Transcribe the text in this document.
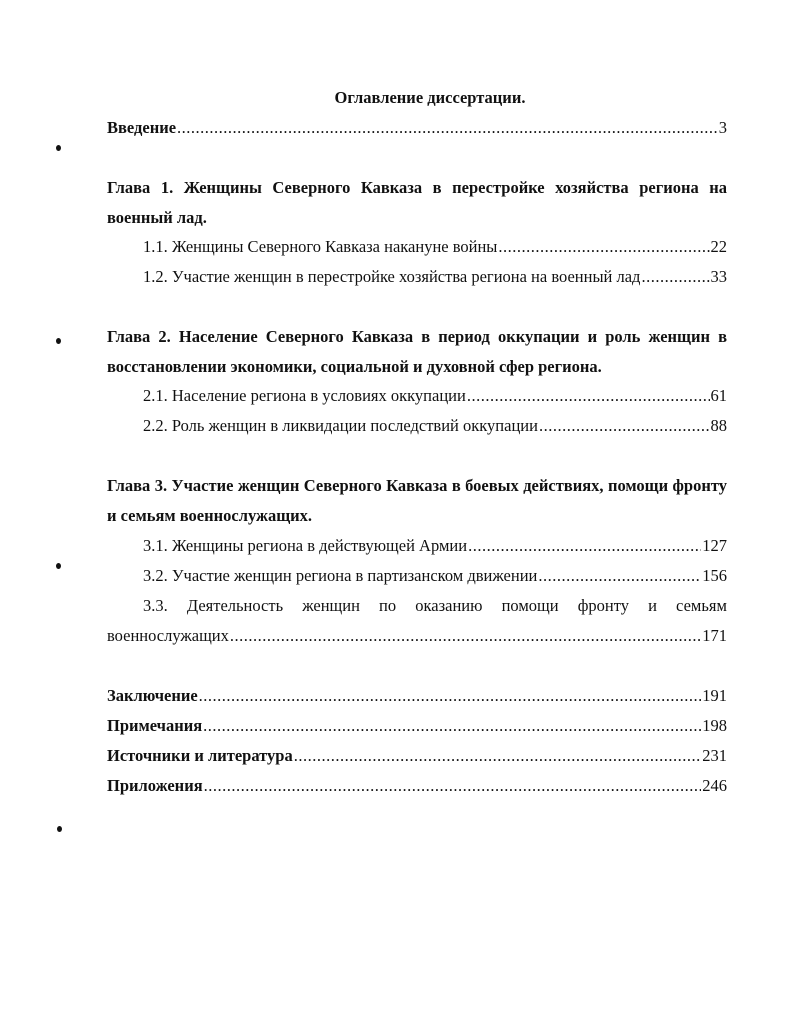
Оглавление диссертации.
Введение .....	3
Глава 1. Женщины Северного Кавказа в перестройке хозяйства региона на военный лад.
1.1. Женщины Северного Кавказа накануне войны .....	22
1.2. Участие женщин в перестройке хозяйства региона на военный лад .....	33
Глава 2. Население Северного Кавказа в период оккупации и роль женщин в восстановлении экономики, социальной и духовной сфер региона.
2.1. Население региона в условиях оккупации .....	61
2.2. Роль женщин в ликвидации последствий оккупации .....	88
Глава 3. Участие женщин Северного Кавказа в боевых действиях, помощи фронту и семьям военнослужащих.
3.1. Женщины региона в действующей Армии .....	127
3.2. Участие женщин региона в партизанском движении .....	156
3.3. Деятельность женщин по оказанию помощи фронту и семьям
военнослужащих .....	171
Заключение .....	191
Примечания .....	198
Источники и литература .....	231
Приложения .....	246
